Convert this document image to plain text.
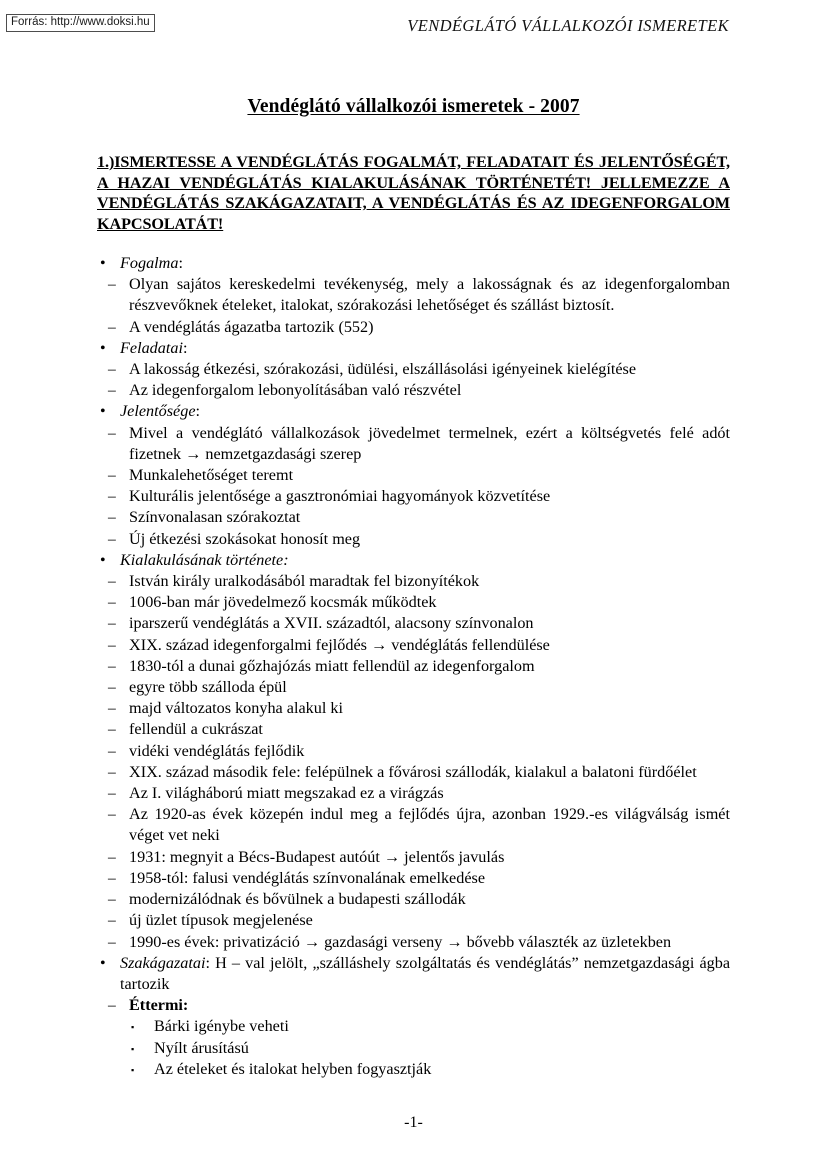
Forrás: http://www.doksi.hu	VENDÉGLÁTÓ VÁLLALKOZÓI ISMERETEK
Vendéglátó vállalkozói ismeretek - 2007
1.)ISMERTESSE A VENDÉGLÁTÁS FOGALMÁT, FELADATAIT ÉS JELENTŐSÉGÉT, A HAZAI VENDÉGLÁTÁS KIALAKULÁSÁNAK TÖRTÉNETÉT! JELLEMEZZE A VENDÉGLÁTÁS SZAKÁGAZATAIT, A VENDÉGLÁTÁS ÉS AZ IDEGENFORGALOM KAPCSOLATÁT!
• Fogalma:
– Olyan sajátos kereskedelmi tevékenység, mely a lakosságnak és az idegenforgalomban részvevőknek ételeket, italokat, szórakozási lehetőséget és szállást biztosít.
– A vendéglátás ágazatba tartozik (552)
• Feladatai:
– A lakosság étkezési, szórakozási, üdülési, elszállásolási igényeinek kielégítése
– Az idegenforgalom lebonyolításában való részvétel
• Jelentősége:
– Mivel a vendéglátó vállalkozások jövedelmet termelnek, ezért a költségvetés felé adót fizetnek → nemzetgazdasági szerep
– Munkalehetőséget teremt
– Kulturális jelentősége a gasztronómiai hagyományok közvetítése
– Színvonalasan szórakoztat
– Új étkezési szokásokat honosít meg
• Kialakulásának története:
– István király uralkodásából maradtak fel bizonyítékok
– 1006-ban már jövedelmező kocsmák működtek
– iparszerű vendéglátás a XVII. századtól, alacsony színvonalon
– XIX. század idegenforgalmi fejlődés → vendéglátás fellendülése
– 1830-tól a dunai gőzhajózás miatt fellendül az idegenforgalom
– egyre több szálloda épül
– majd változatos konyha alakul ki
– fellendül a cukrászat
– vidéki vendéglátás fejlődik
– XIX. század második fele: felépülnek a fővárosi szállodák, kialakul a balatoni fürdőélet
– Az I. világháború miatt megszakad ez a virágzás
– Az 1920-as évek közepén indul meg a fejlődés újra, azonban 1929.-es világválság ismét véget vet neki
– 1931: megnyit a Bécs-Budapest autóút → jelentős javulás
– 1958-tól: falusi vendéglátás színvonalának emelkedése
– modernizálódnak és bővülnek a budapesti szállodák
– új üzlet típusok megjelenése
– 1990-es évek: privatizáció → gazdasági verseny → bővebb választék az üzletekben
• Szakágazatai: H – val jelölt, „szálláshely szolgáltatás és vendéglátás” nemzetgazdasági ágba tartozik
– Éttermi:
▪ Bárki igénybe veheti
▪ Nyílt árusítású
▪ Az ételeket és italokat helyben fogyasztják
-1-
